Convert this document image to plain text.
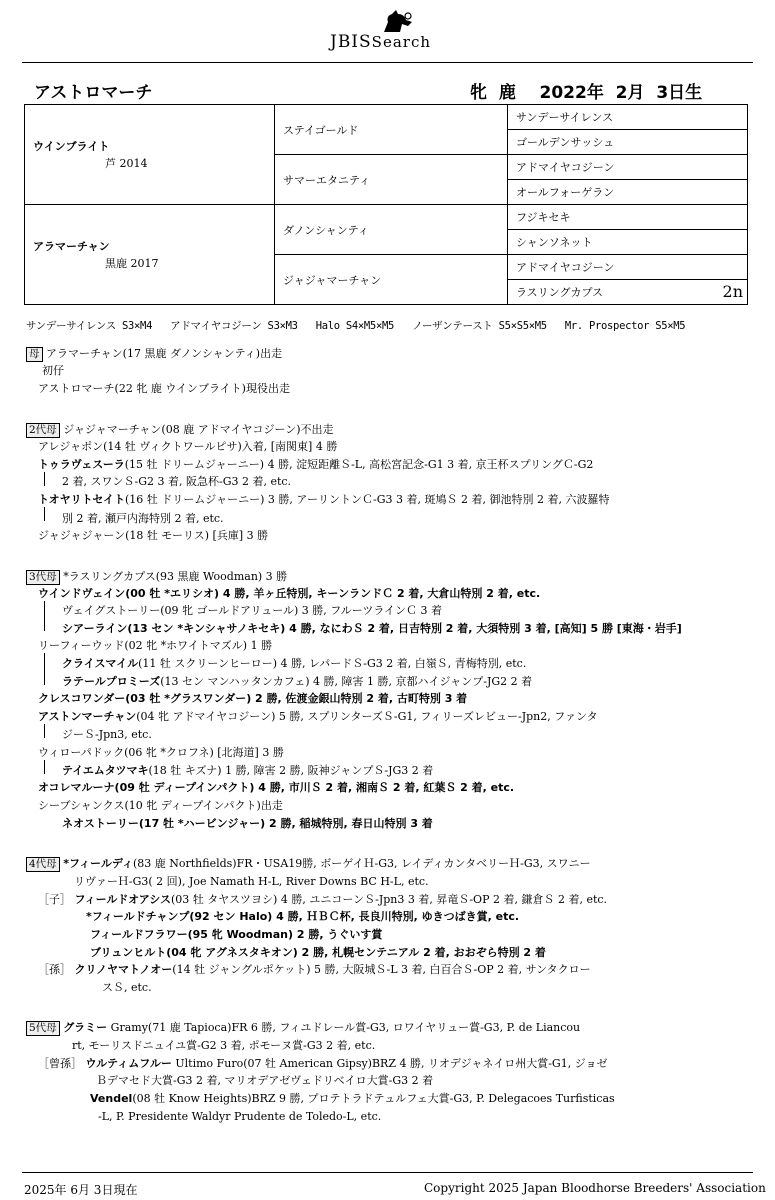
JBISSearch
アストロマーチ	牝  鹿    2022年  2月  3日生
ウインブライト
芦 2014	ステイゴールド	サンデーサイレンス
		ゴールデンサッシュ
	サマーエタニティ	アドマイヤコジーン
		オールフォーゲラン
アラマーチャン
黒鹿 2017	ダノンシャンティ	フジキセキ
		シャンソネット
	ジャジャマーチャン	アドマイヤコジーン
		ラスリングカプス 2n
サンデーサイレンス S3×M4   アドマイヤコジーン S3×M3   Halo S4×M5×M5   ノーザンテースト S5×S5×M5   Mr. Prospector S5×M5
母 アラマーチャン(17 黒鹿 ダノンシャンティ)出走
初仔
アストロマーチ(22 牝 鹿 ウインブライト)現役出走
2代母 ジャジャマーチャン(08 鹿 アドマイヤコジーン)不出走
アレジャポン(14 牡 ヴィクトワールピサ)入着, [南関東] 4 勝
トゥラヴェスーラ(15 牡 ドリームジャーニー) 4 勝, 淀短距離Ｓ-L, 高松宮記念-G1 3 着, 京王杯スプリングＣ-G2
2 着, スワンＳ-G2 3 着, 阪急杯-G3 2 着, etc.
トオヤリトセイト(16 牡 ドリームジャーニー) 3 勝, アーリントンＣ-G3 3 着, 斑鳩Ｓ 2 着, 御池特別 2 着, 六波羅特
別 2 着, 瀬戸内海特別 2 着, etc.
ジャジャジャーン(18 牡 モーリス) [兵庫] 3 勝
3代母 *ラスリングカプス(93 黒鹿 Woodman) 3 勝
ウインドヴェイン(00 牡 *エリシオ) 4 勝, 羊ヶ丘特別, キーンランドＣ 2 着, 大倉山特別 2 着, etc.
ヴェイグストーリー(09 牝 ゴールドアリュール) 3 勝, フルーツラインＣ 3 着
シアーライン(13 セン *キンシャサノキセキ) 4 勝, なにわＳ 2 着, 日吉特別 2 着, 大須特別 3 着, [高知] 5 勝 [東海・岩手]
リーフィーウッド(02 牝 *ホワイトマズル) 1 勝
クライスマイル(11 牡 スクリーンヒーロー) 4 勝, レパードＳ-G3 2 着, 白嶺Ｓ, 青梅特別, etc.
ラテールプロミーズ(13 セン マンハッタンカフェ) 4 勝, 障害 1 勝, 京都ハイジャンプ-JG2 2 着
クレスコワンダー(03 牡 *グラスワンダー) 2 勝, 佐渡金銀山特別 2 着, 古町特別 3 着
アストンマーチャン(04 牝 アドマイヤコジーン) 5 勝, スプリンターズＳ-G1, フィリーズレビュー-Jpn2, ファンタ
ジーＳ-Jpn3, etc.
ウィローパドック(06 牝 *クロフネ) [北海道] 3 勝
テイエムタツマキ(18 牡 キズナ) 1 勝, 障害 2 勝, 阪神ジャンプＳ-JG3 2 着
オコレマルーナ(09 牡 ディープインパクト) 4 勝, 市川Ｓ 2 着, 湘南Ｓ 2 着, 紅葉Ｓ 2 着, etc.
シーブシャンクス(10 牝 ディープインパクト)出走
ネオストーリー(17 牡 *ハービンジャー) 2 勝, 稲城特別, 春日山特別 3 着
4代母 *フィールディ(83 鹿 Northfields)FR・USA19勝, ボーゲイＨ-G3, レイディカンタベリーＨ-G3, スワニー
リヴァーＨ-G3( 2 回), Joe Namath H-L, River Downs BC H-L, etc.
［子］ フィールドオアシス(03 牡 タヤスツヨシ) 4 勝, ユニコーンＳ-Jpn3 3 着, 昇竜Ｓ-OP 2 着, 鎌倉Ｓ 2 着, etc.
*フィールドチャンプ(92 セン Halo) 4 勝, ＨＢＣ杯, 長良川特別, ゆきつばき賞, etc.
フィールドフラワー(95 牝 Woodman) 2 勝, うぐいす賞
ブリュンヒルト(04 牝 アグネスタキオン) 2 勝, 札幌センテニアル 2 着, おおぞら特別 2 着
［孫］ クリノヤマトノオー(14 牡 ジャングルポケット) 5 勝, 大阪城Ｓ-L 3 着, 白百合Ｓ-OP 2 着, サンタクロー
スＳ, etc.
5代母 グラミー Gramy(71 鹿 Tapioca)FR 6 勝, フィユドレール賞-G3, ロワイヤリュー賞-G3, P. de Liancou
rt, モーリスドニュイユ賞-G2 3 着, ポモーヌ賞-G3 2 着, etc.
［曾孫］ ウルティムフルー Ultimo Furo(07 牡 American Gipsy)BRZ 4 勝, リオデジャネイロ州大賞-G1, ジョゼ
Ｂデマセド大賞-G3 2 着, マリオデアゼヴェドリベイロ大賞-G3 2 着
Vendel(08 牡 Know Heights)BRZ 9 勝, プロテトラドテュルフェ大賞-G3, P. Delegacoes Turfisticas
-L, P. Presidente Waldyr Prudente de Toledo-L, etc.
2025年 6月 3日現在	Copyright 2025 Japan Bloodhorse Breeders' Association
